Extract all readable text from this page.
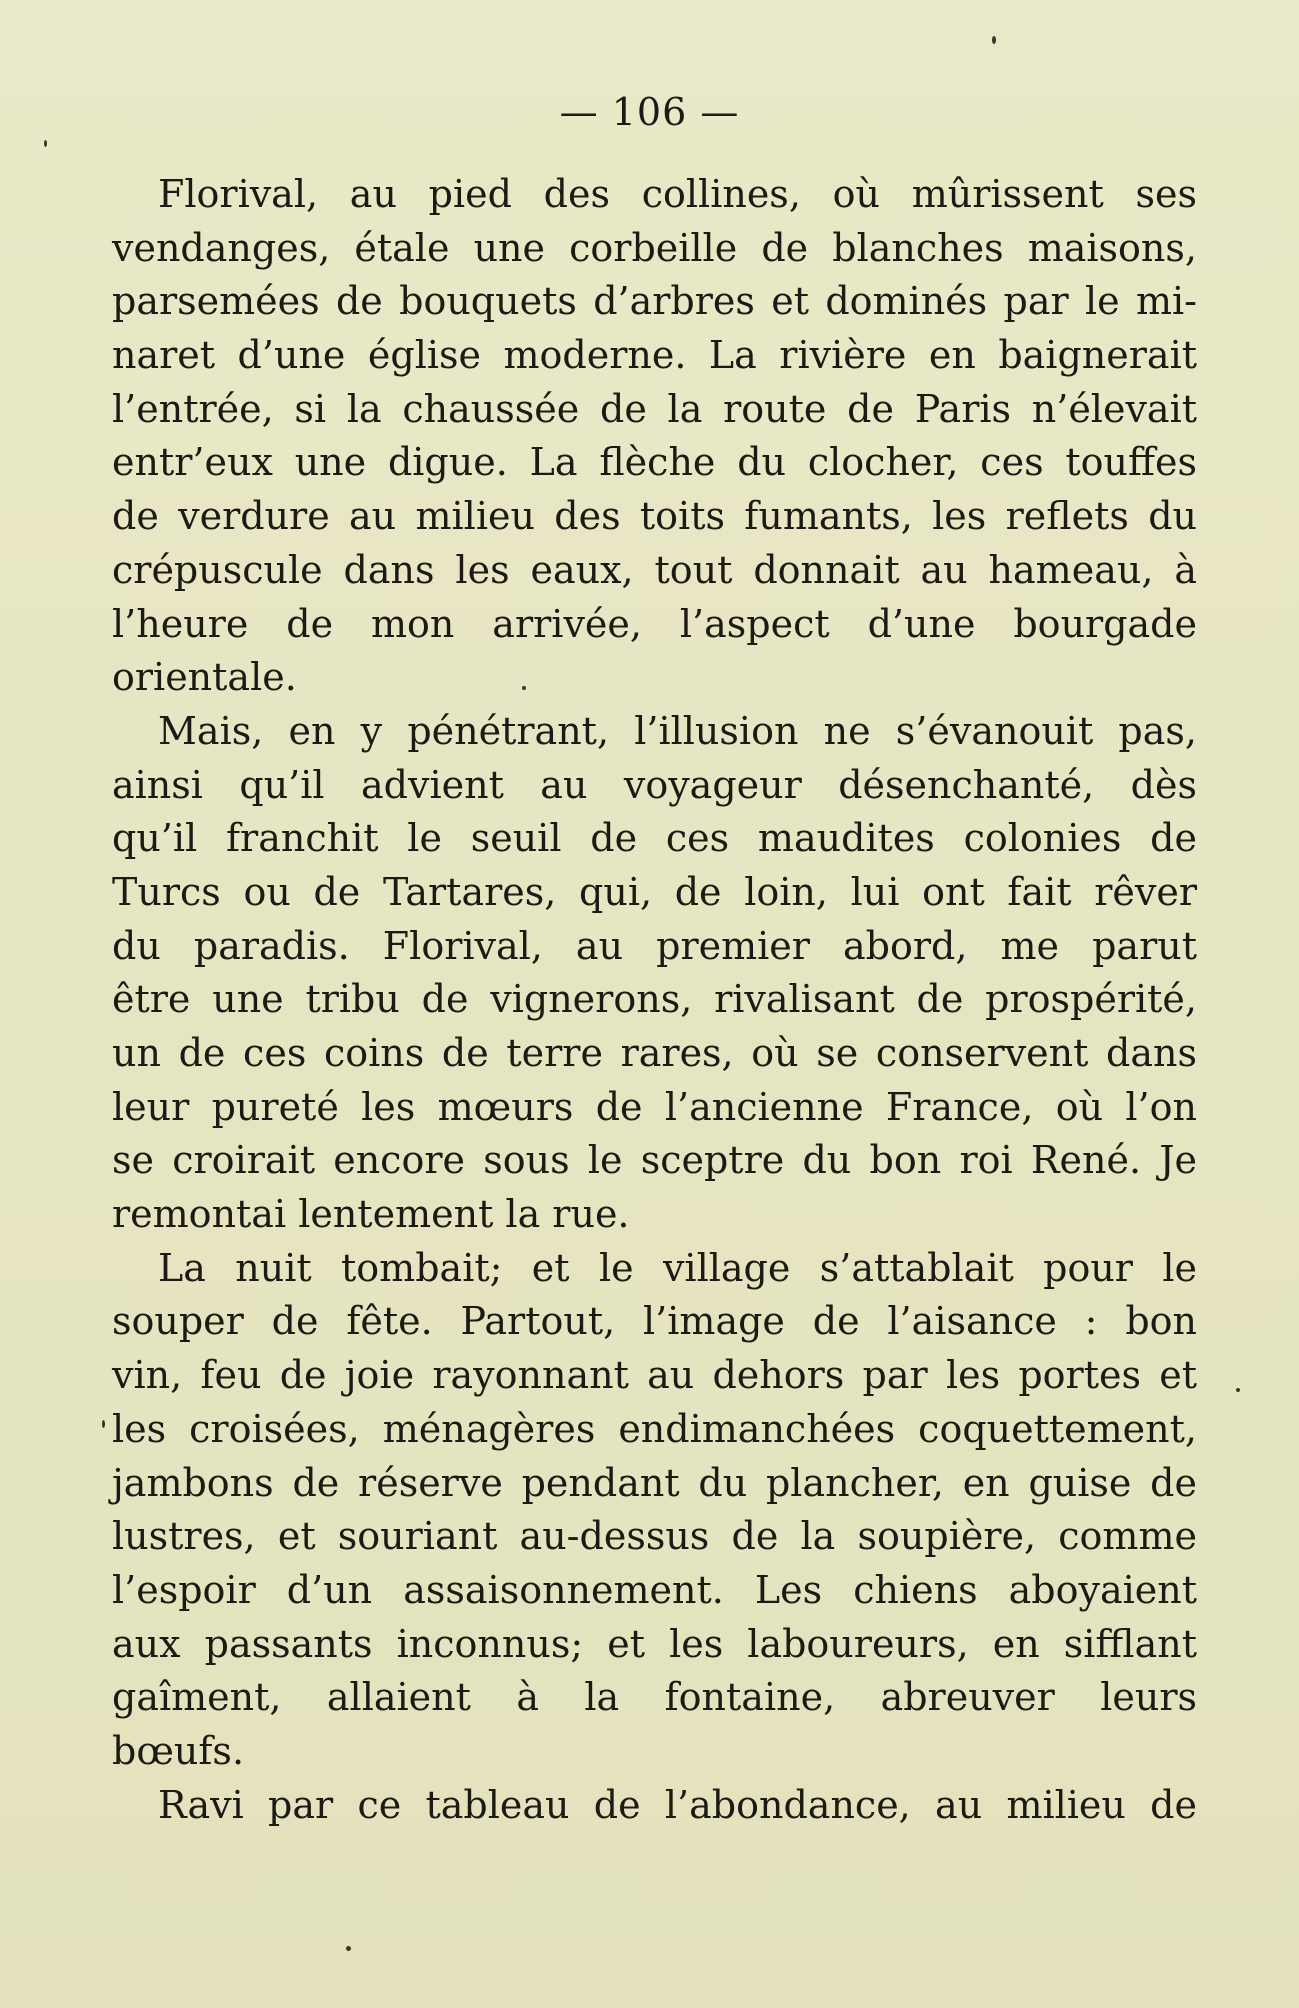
— 106 —
Florival, au pied des collines, où mûrissent ses
vendanges, étale une corbeille de blanches maisons,
parsemées de bouquets d’arbres et dominés par le mi-
naret d’une église moderne. La rivière en baignerait
l’entrée, si la chaussée de la route de Paris n’élevait
entr’eux une digue. La flèche du clocher, ces touffes
de verdure au milieu des toits fumants, les reflets du
crépuscule dans les eaux, tout donnait au hameau, à
l’heure de mon arrivée, l’aspect d’une bourgade
orientale.
Mais, en y pénétrant, l’illusion ne s’évanouit pas,
ainsi qu’il advient au voyageur désenchanté, dès
qu’il franchit le seuil de ces maudites colonies de
Turcs ou de Tartares, qui, de loin, lui ont fait rêver
du paradis. Florival, au premier abord, me parut
être une tribu de vignerons, rivalisant de prospérité,
un de ces coins de terre rares, où se conservent dans
leur pureté les mœurs de l’ancienne France, où l’on
se croirait encore sous le sceptre du bon roi René. Je
remontai lentement la rue.
La nuit tombait; et le village s’attablait pour le
souper de fête. Partout, l’image de l’aisance : bon
vin, feu de joie rayonnant au dehors par les portes et
les croisées, ménagères endimanchées coquettement,
jambons de réserve pendant du plancher, en guise de
lustres, et souriant au-dessus de la soupière, comme
l’espoir d’un assaisonnement. Les chiens aboyaient
aux passants inconnus; et les laboureurs, en sifflant
gaîment, allaient à la fontaine, abreuver leurs
bœufs.
Ravi par ce tableau de l’abondance, au milieu de
